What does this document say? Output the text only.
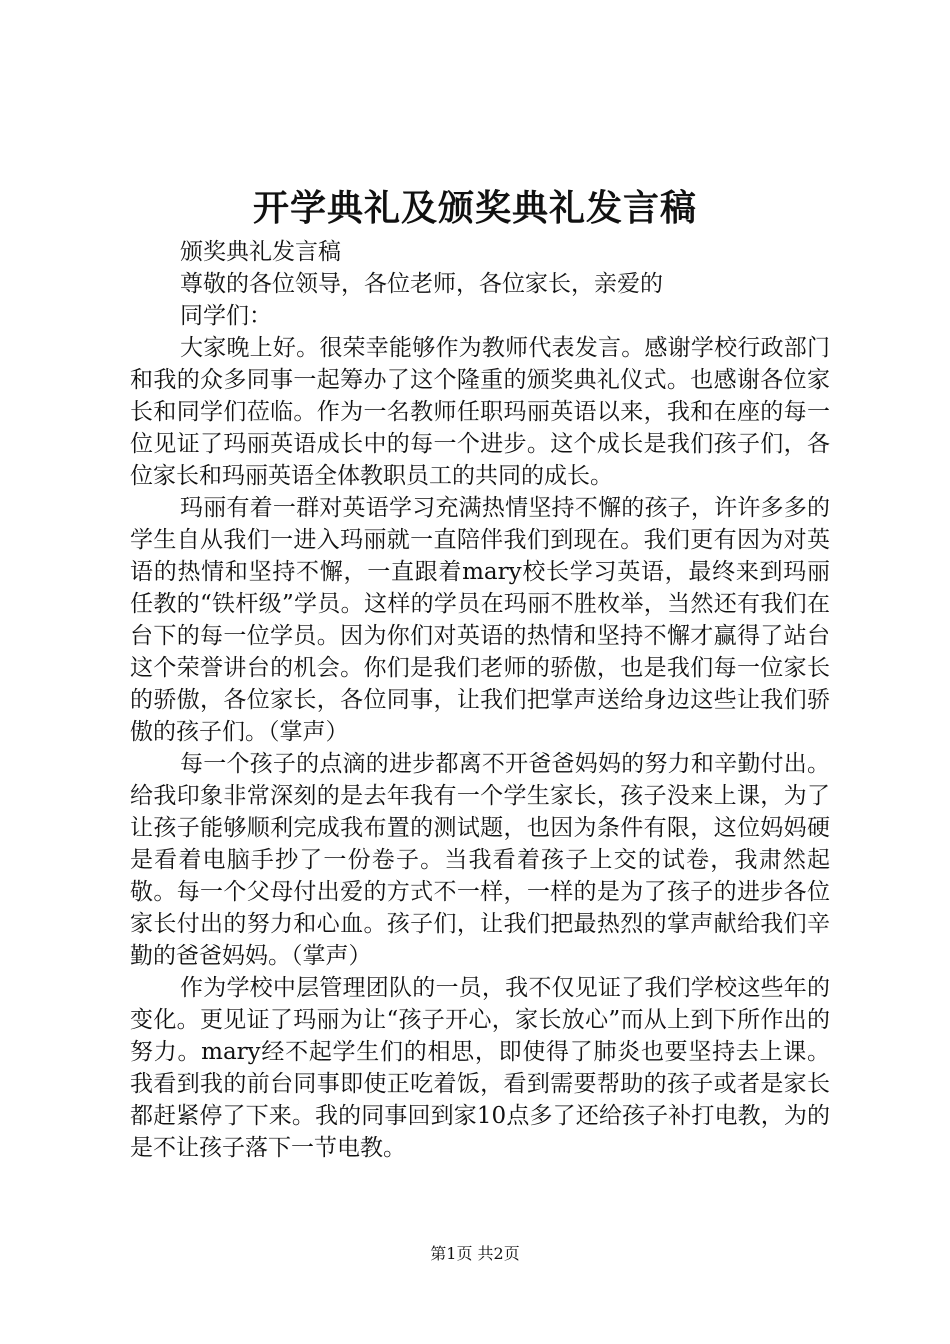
开学典礼及颁奖典礼发言稿

颁奖典礼发言稿

尊敬的各位领导，各位老师，各位家长，亲爱的

同学们：

大家晚上好。很荣幸能够作为教师代表发言。感谢学校行政部门和我的众多同事一起筹办了这个隆重的颁奖典礼仪式。也感谢各位家长和同学们莅临。作为一名教师任职玛丽英语以来，我和在座的每一位见证了玛丽英语成长中的每一个进步。这个成长是我们孩子们，各位家长和玛丽英语全体教职员工的共同的成长。

玛丽有着一群对英语学习充满热情坚持不懈的孩子，许许多多的学生自从我们一进入玛丽就一直陪伴我们到现在。我们更有因为对英语的热情和坚持不懈，一直跟着mary校长学习英语，最终来到玛丽任教的“铁杆级”学员。这样的学员在玛丽不胜枚举，当然还有我们在台下的每一位学员。因为你们对英语的热情和坚持不懈才赢得了站台这个荣誉讲台的机会。你们是我们老师的骄傲，也是我们每一位家长的骄傲，各位家长，各位同事，让我们把掌声送给身边这些让我们骄傲的孩子们。（掌声）

每一个孩子的点滴的进步都离不开爸爸妈妈的努力和辛勤付出。给我印象非常深刻的是去年我有一个学生家长，孩子没来上课，为了让孩子能够顺利完成我布置的测试题，也因为条件有限，这位妈妈硬是看着电脑手抄了一份卷子。当我看着孩子上交的试卷，我肃然起敬。每一个父母付出爱的方式不一样，一样的是为了孩子的进步各位家长付出的努力和心血。孩子们，让我们把最热烈的掌声献给我们辛勤的爸爸妈妈。（掌声）

作为学校中层管理团队的一员，我不仅见证了我们学校这些年的变化。更见证了玛丽为让“孩子开心，家长放心”而从上到下所作出的努力。mary经不起学生们的相思，即使得了肺炎也要坚持去上课。我看到我的前台同事即使正吃着饭，看到需要帮助的孩子或者是家长都赶紧停了下来。我的同事回到家10点多了还给孩子补打电教，为的是不让孩子落下一节电教。

第1页 共2页
